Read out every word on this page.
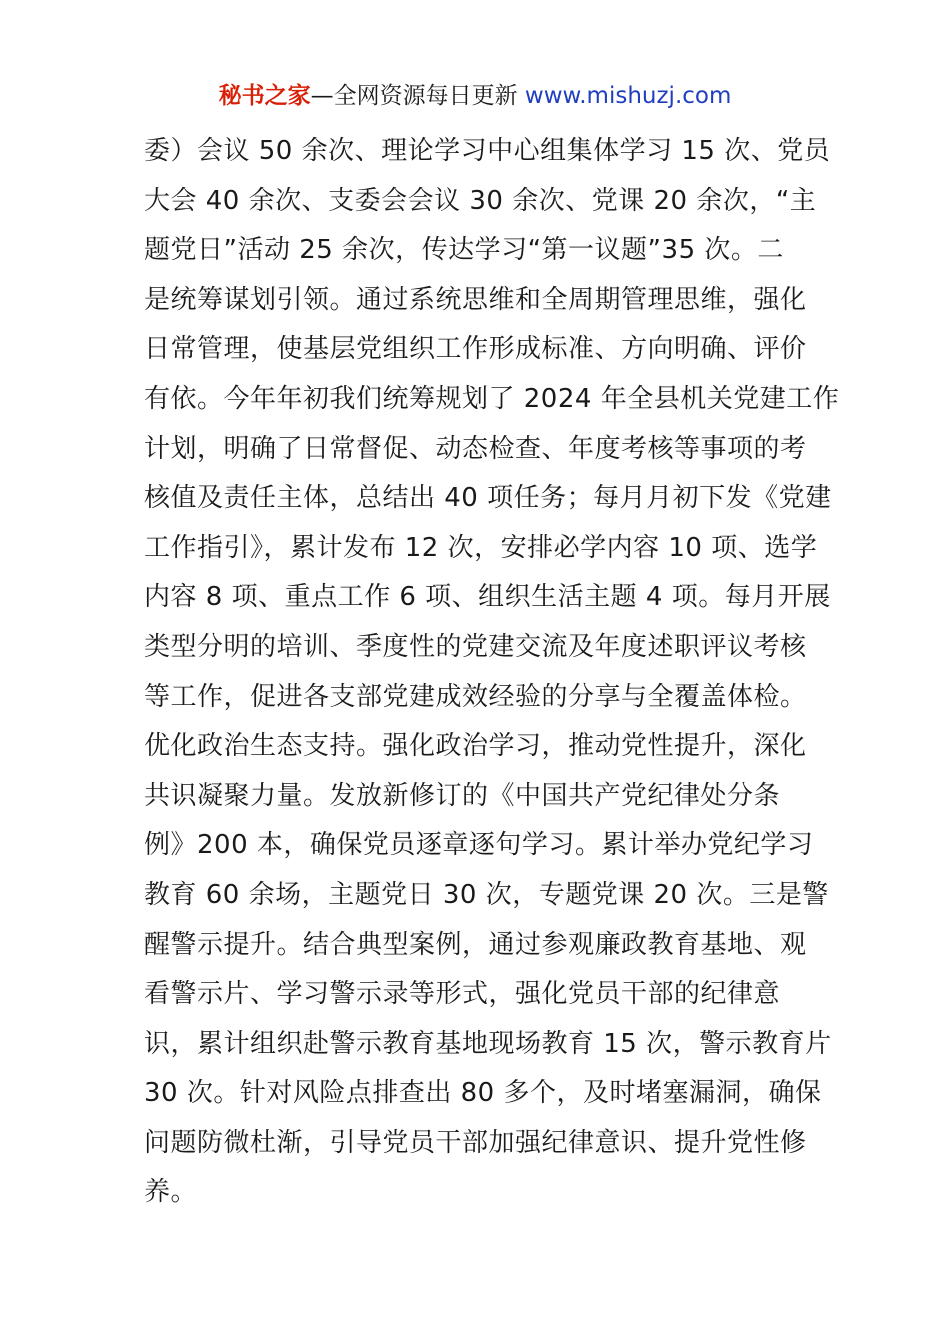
秘书之家—全网资源每日更新 www.mishuzj.com
委）会议 50 余次、理论学习中心组集体学习 15 次、党员
大会 40 余次、支委会会议 30 余次、党课 20 余次，“主
题党日”活动 25 余次，传达学习“第一议题”35 次。二
是统筹谋划引领。通过系统思维和全周期管理思维，强化
日常管理，使基层党组织工作形成标准、方向明确、评价
有依。今年年初我们统筹规划了 2024 年全县机关党建工作
计划，明确了日常督促、动态检查、年度考核等事项的考
核值及责任主体，总结出 40 项任务；每月月初下发《党建
工作指引》，累计发布 12 次，安排必学内容 10 项、选学
内容 8 项、重点工作 6 项、组织生活主题 4 项。每月开展
类型分明的培训、季度性的党建交流及年度述职评议考核
等工作，促进各支部党建成效经验的分享与全覆盖体检。
优化政治生态支持。强化政治学习，推动党性提升，深化
共识凝聚力量。发放新修订的《中国共产党纪律处分条
例》200 本，确保党员逐章逐句学习。累计举办党纪学习
教育 60 余场，主题党日 30 次，专题党课 20 次。三是警
醒警示提升。结合典型案例，通过参观廉政教育基地、观
看警示片、学习警示录等形式，强化党员干部的纪律意
识，累计组织赴警示教育基地现场教育 15 次，警示教育片
30 次。针对风险点排查出 80 多个，及时堵塞漏洞，确保
问题防微杜渐，引导党员干部加强纪律意识、提升党性修
养。
